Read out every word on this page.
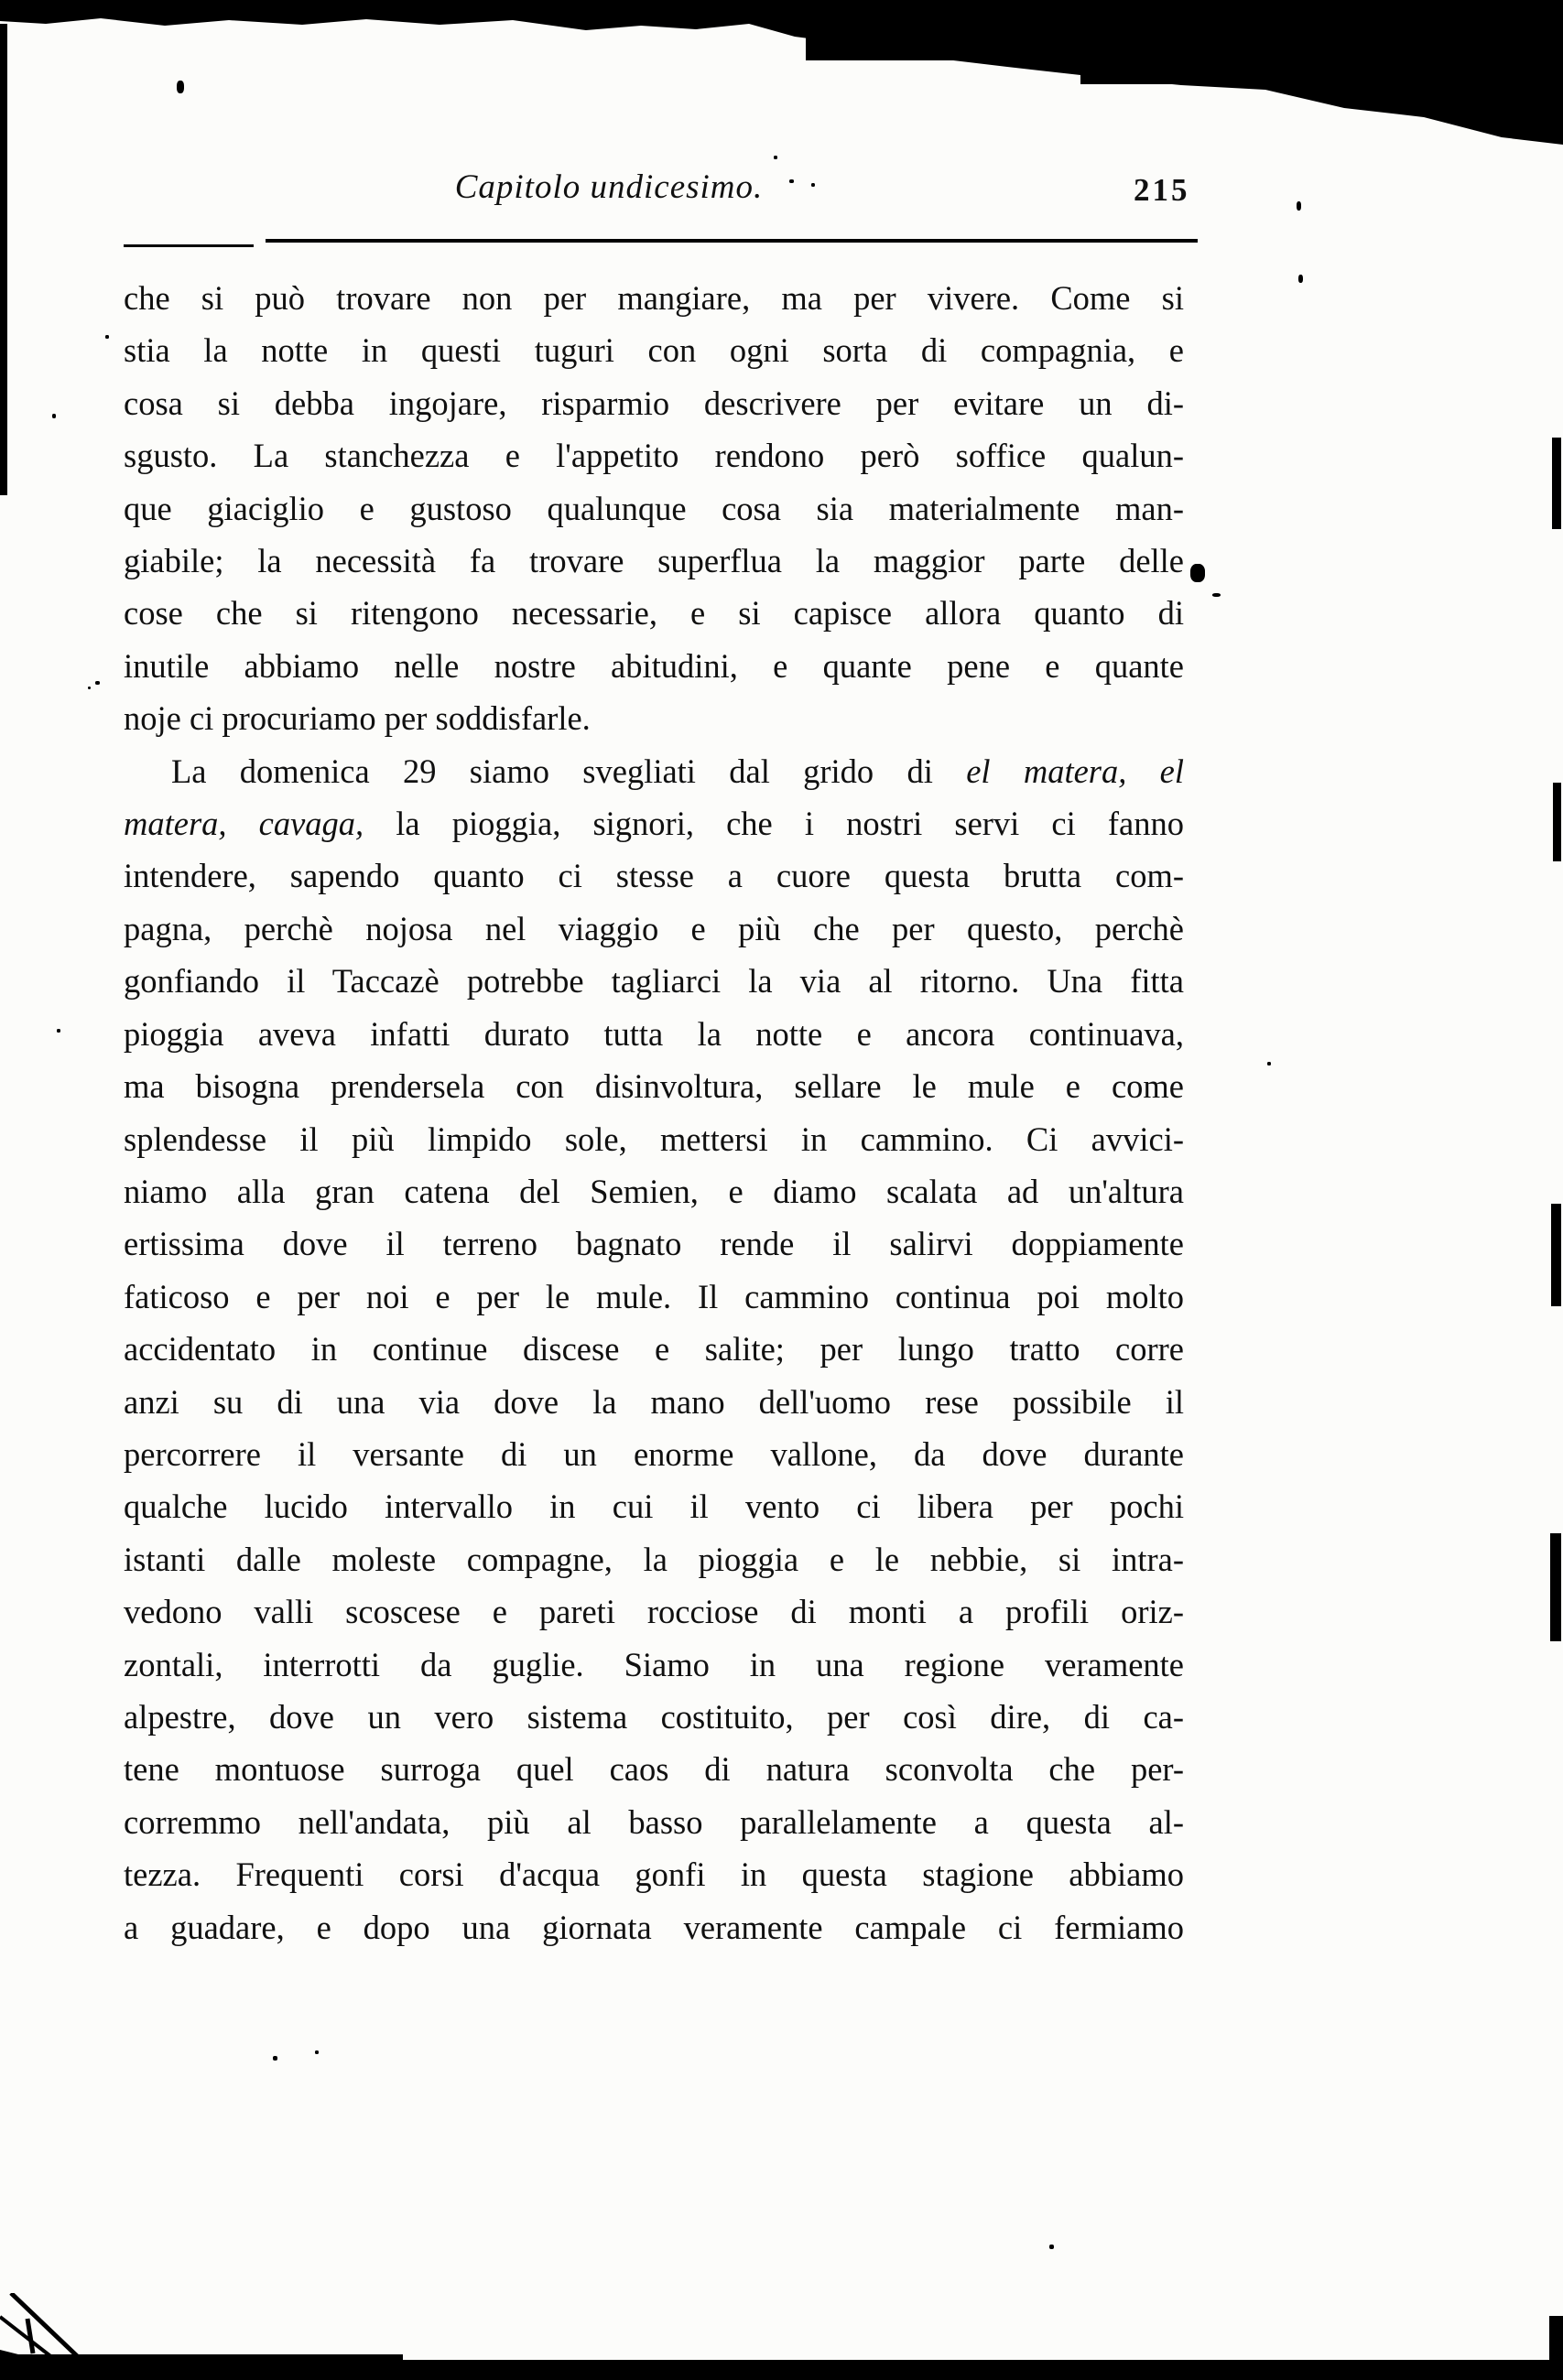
Capitolo undicesimo.	215
che si può trovare non per mangiare, ma per vivere. Come si
stia la notte in questi tuguri con ogni sorta di compagnia, e
cosa si debba ingojare, risparmio descrivere per evitare un di-
sgusto. La stanchezza e l'appetito rendono però soffice qualun-
que giaciglio e gustoso qualunque cosa sia materialmente man-
giabile; la necessità fa trovare superflua la maggior parte delle
cose che si ritengono necessarie, e si capisce allora quanto di
inutile abbiamo nelle nostre abitudini, e quante pene e quante
noje ci procuriamo per soddisfarle.
La domenica 29 siamo svegliati dal grido di el matera, el
matera, cavaga, la pioggia, signori, che i nostri servi ci fanno
intendere, sapendo quanto ci stesse a cuore questa brutta com-
pagna, perchè nojosa nel viaggio e più che per questo, perchè
gonfiando il Taccazè potrebbe tagliarci la via al ritorno. Una fitta
pioggia aveva infatti durato tutta la notte e ancora continuava,
ma bisogna prendersela con disinvoltura, sellare le mule e come
splendesse il più limpido sole, mettersi in cammino. Ci avvici-
niamo alla gran catena del Semien, e diamo scalata ad un'altura
ertissima dove il terreno bagnato rende il salirvi doppiamente
faticoso e per noi e per le mule. Il cammino continua poi molto
accidentato in continue discese e salite; per lungo tratto corre
anzi su di una via dove la mano dell'uomo rese possibile il
percorrere il versante di un enorme vallone, da dove durante
qualche lucido intervallo in cui il vento ci libera per pochi
istanti dalle moleste compagne, la pioggia e le nebbie, si intra-
vedono valli scoscese e pareti rocciose di monti a profili oriz-
zontali, interrotti da guglie. Siamo in una regione veramente
alpestre, dove un vero sistema costituito, per così dire, di ca-
tene montuose surroga quel caos di natura sconvolta che per-
corremmo nell'andata, più al basso parallelamente a questa al-
tezza. Frequenti corsi d'acqua gonfi in questa stagione abbiamo
a guadare, e dopo una giornata veramente campale ci fermiamo
